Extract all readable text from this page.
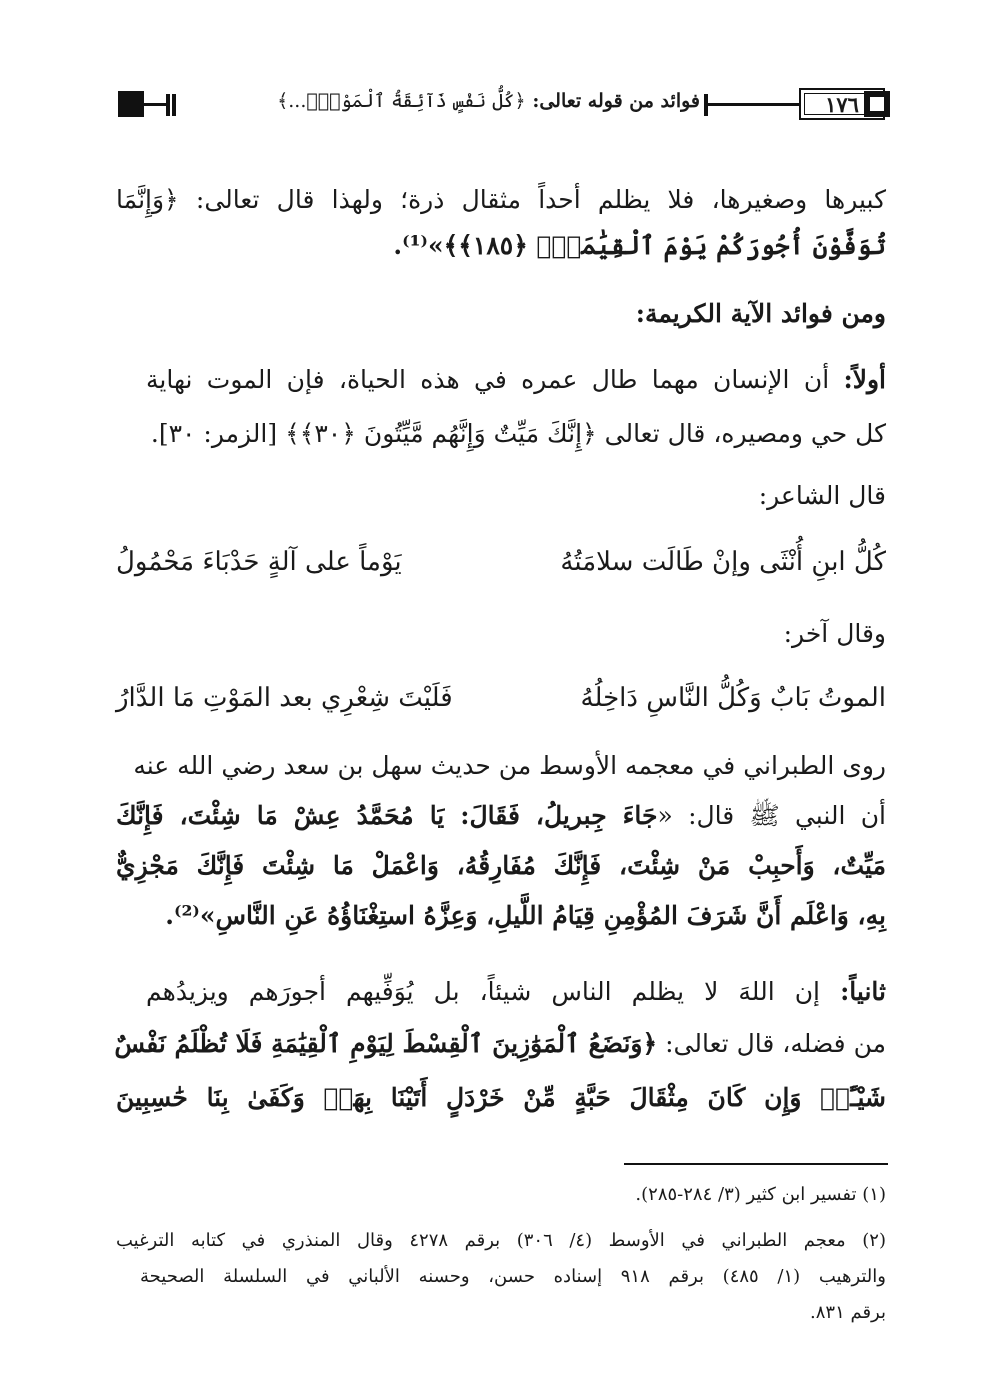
فوائد من قوله تعالى: ﴿كُلُّ نَفْسٍ ذَآئِقَةُ ٱلْمَوْتِۗ...﴾	١٧٦
كبيرها وصغيرها، فلا يظلم أحداً مثقال ذرة؛ ولهذا قال تعالى: ﴿وَإِنَّمَا
تُوَفَّوْنَ أُجُورَكُمْ يَوْمَ ٱلْقِيَٰمَةِۖ ﴿١٨٥﴾﴾»⁽¹⁾.
ومن فوائد الآية الكريمة:
أولاً: أن الإنسان مهما طال عمره في هذه الحياة، فإن الموت نهاية
كل حي ومصيره، قال تعالى ﴿إِنَّكَ مَيِّتٌ وَإِنَّهُم مَّيِّتُونَ ﴿٣٠﴾﴾ [الزمر: ٣٠].
قال الشاعر:
كُلُّ ابنِ أُنْثَى وإنْ طَالَت سلامَتُهُ
يَوْماً على آلةٍ حَدْبَاءَ مَحْمُولُ
وقال آخر:
الموتُ بَابٌ وَكُلُّ النَّاسِ دَاخِلُهُ
فَلَيْتَ شِعْرِي بعد المَوْتِ مَا الدَّارُ
روى الطبراني في معجمه الأوسط من حديث سهل بن سعد رضي الله عنه
أن النبي ﷺ قال: «جَاءَ جِبريلُ، فَقَالَ: يَا مُحَمَّدُ عِشْ مَا شِئْتَ، فَإِنَّكَ
مَيِّتٌ، وَأَحبِبْ مَنْ شِئْتَ، فَإِنَّكَ مُفَارِقُهُ، وَاعْمَلْ مَا شِئْتَ فَإِنَّكَ مَجْزِيٌّ
بِهِ، وَاعْلَم أَنَّ شَرَفَ المُؤْمِنِ قِيَامُ اللَّيلِ، وَعِزَّهُ استِغْنَاؤُهُ عَنِ النَّاسِ»⁽²⁾.
ثانياً: إن اللهَ لا يظلم الناس شيئاً، بل يُوَفِّيهم أجورَهم ويزيدُهم
من فضله، قال تعالى: ﴿وَنَضَعُ ٱلْمَوَٰزِينَ ٱلْقِسْطَ لِيَوْمِ ٱلْقِيَٰمَةِ فَلَا تُظْلَمُ نَفْسٌ
شَيْـًٔاۖ وَإِن كَانَ مِثْقَالَ حَبَّةٍ مِّنْ خَرْدَلٍ أَتَيْنَا بِهَاۗ وَكَفَىٰ بِنَا حَٰسِبِينَ
(١) تفسير ابن كثير (٣/ ٢٨٤-٢٨٥).
(٢) معجم الطبراني في الأوسط (٤/ ٣٠٦) برقم ٤٢٧٨ وقال المنذري في كتابه الترغيب
والترهيب (١/ ٤٨٥) برقم ٩١٨ إسناده حسن، وحسنه الألباني في السلسلة الصحيحة
برقم ٨٣١.
